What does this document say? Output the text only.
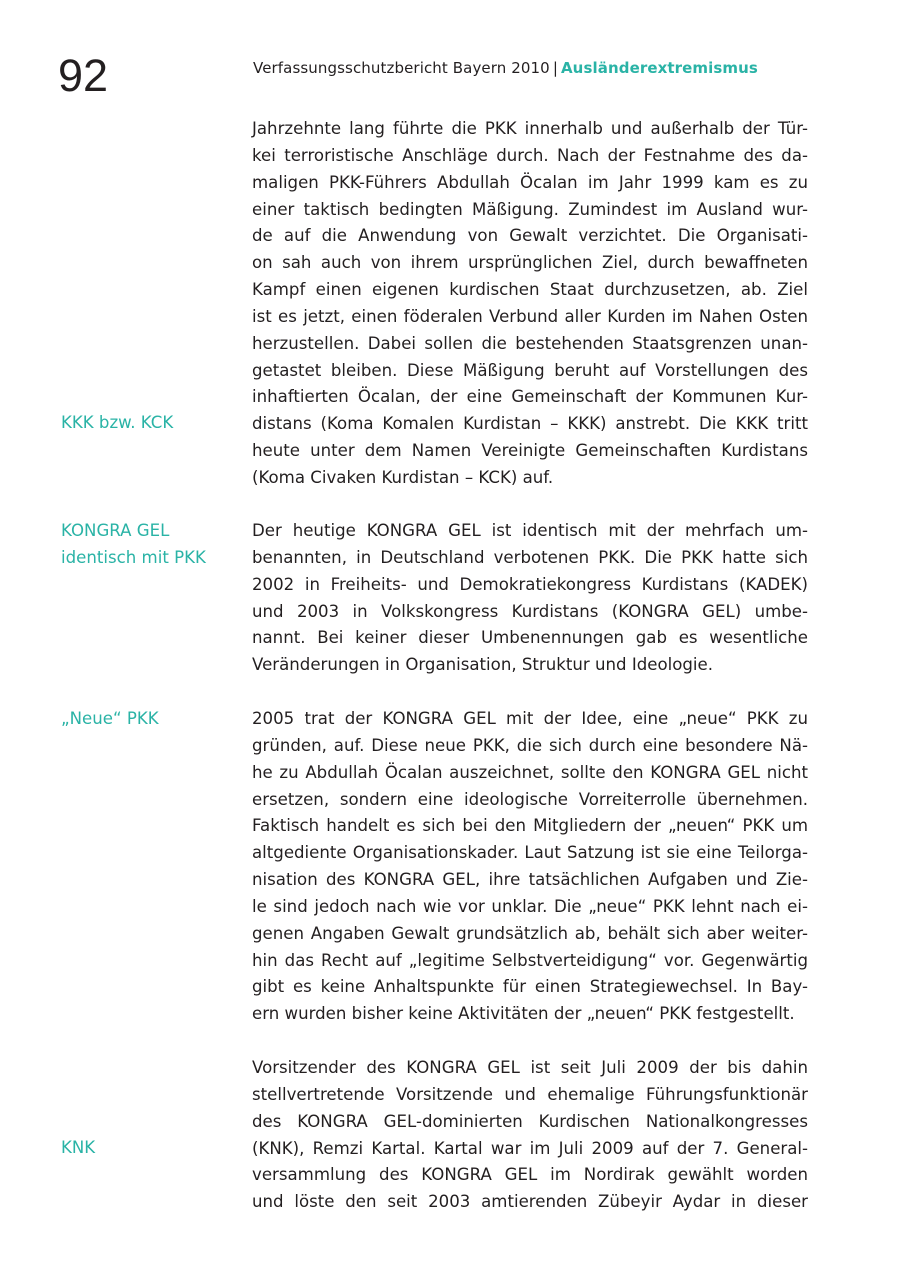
92	Verfassungsschutzbericht Bayern 2010 | Ausländerextremismus
KKK bzw. KCK
KONGRA GEL
identisch mit PKK
„Neue“ PKK
KNK
Jahrzehnte lang führte die PKK innerhalb und außerhalb der Tür-
kei terroristische Anschläge durch. Nach der Festnahme des da-
maligen PKK-Führers Abdullah Öcalan im Jahr 1999 kam es zu
einer taktisch bedingten Mäßigung. Zumindest im Ausland wur-
de auf die Anwendung von Gewalt verzichtet. Die Organisati-
on sah auch von ihrem ursprünglichen Ziel, durch bewaffneten
Kampf einen eigenen kurdischen Staat durchzusetzen, ab. Ziel
ist es jetzt, einen föderalen Verbund aller Kurden im Nahen Osten
herzustellen. Dabei sollen die bestehenden Staatsgrenzen unan-
getastet bleiben. Diese Mäßigung beruht auf Vorstellungen des
inhaftierten Öcalan, der eine Gemeinschaft der Kommunen Kur-
distans (Koma Komalen Kurdistan – KKK) anstrebt. Die KKK tritt
heute unter dem Namen Vereinigte Gemeinschaften Kurdistans
(Koma Civaken Kurdistan – KCK) auf.
Der heutige KONGRA GEL ist identisch mit der mehrfach um-
benannten, in Deutschland verbotenen PKK. Die PKK hatte sich
2002 in Freiheits- und Demokratiekongress Kurdistans (KADEK)
und 2003 in Volkskongress Kurdistans (KONGRA GEL) umbe-
nannt. Bei keiner dieser Umbenennungen gab es wesentliche
Veränderungen in Organisation, Struktur und Ideologie.
2005 trat der KONGRA GEL mit der Idee, eine „neue“ PKK zu
gründen, auf. Diese neue PKK, die sich durch eine besondere Nä-
he zu Abdullah Öcalan auszeichnet, sollte den KONGRA GEL nicht
ersetzen, sondern eine ideologische Vorreiterrolle übernehmen.
Faktisch handelt es sich bei den Mitgliedern der „neuen“ PKK um
altgediente Organisationskader. Laut Satzung ist sie eine Teilorga-
nisation des KONGRA GEL, ihre tatsächlichen Aufgaben und Zie-
le sind jedoch nach wie vor unklar. Die „neue“ PKK lehnt nach ei-
genen Angaben Gewalt grundsätzlich ab, behält sich aber weiter-
hin das Recht auf „legitime Selbstverteidigung“ vor. Gegenwärtig
gibt es keine Anhaltspunkte für einen Strategiewechsel. In Bay-
ern wurden bisher keine Aktivitäten der „neuen“ PKK festgestellt.
Vorsitzender des KONGRA GEL ist seit Juli 2009 der bis dahin
stellvertretende Vorsitzende und ehemalige Führungsfunktionär
des KONGRA GEL-dominierten Kurdischen Nationalkongresses
(KNK), Remzi Kartal. Kartal war im Juli 2009 auf der 7. General-
versammlung des KONGRA GEL im Nordirak gewählt worden
und löste den seit 2003 amtierenden Zübeyir Aydar in dieser
